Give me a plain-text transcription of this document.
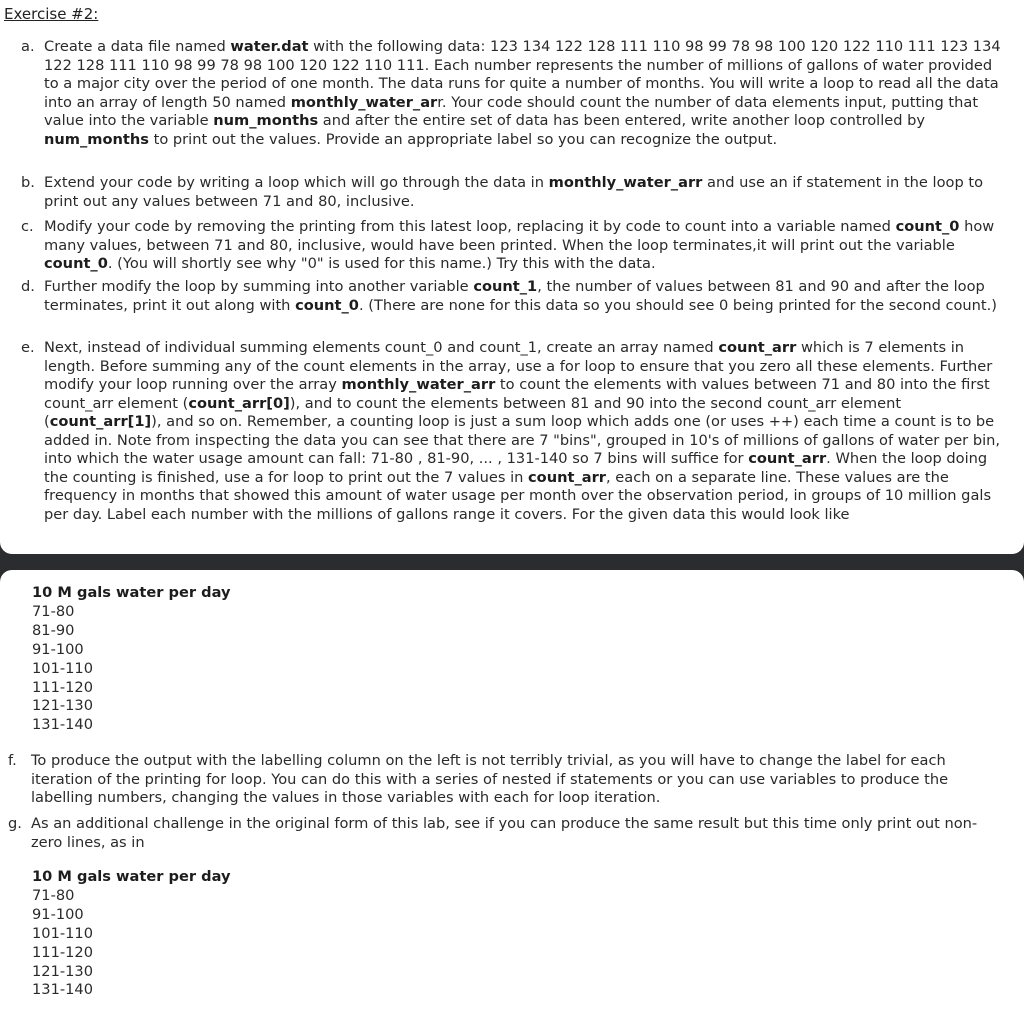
Exercise #2:

a. Create a data file named water.dat with the following data: 123 134 122 128 111 110 98 99 78 98 100 120 122 110 111 123 134 122 128 111 110 98 99 78 98 100 120 122 110 111. Each number represents the number of millions of gallons of water provided to a major city over the period of one month. The data runs for quite a number of months. You will write a loop to read all the data into an array of length 50 named monthly_water_arr. Your code should count the number of data elements input, putting that value into the variable num_months and after the entire set of data has been entered, write another loop controlled by num_months to print out the values. Provide an appropriate label so you can recognize the output.

b. Extend your code by writing a loop which will go through the data in monthly_water_arr and use an if statement in the loop to print out any values between 71 and 80, inclusive.

c. Modify your code by removing the printing from this latest loop, replacing it by code to count into a variable named count_0 how many values, between 71 and 80, inclusive, would have been printed. When the loop terminates,it will print out the variable count_0. (You will shortly see why "0" is used for this name.) Try this with the data.

d. Further modify the loop by summing into another variable count_1, the number of values between 81 and 90 and after the loop terminates, print it out along with count_0. (There are none for this data so you should see 0 being printed for the second count.)

e. Next, instead of individual summing elements count_0 and count_1, create an array named count_arr which is 7 elements in length. Before summing any of the count elements in the array, use a for loop to ensure that you zero all these elements. Further modify your loop running over the array monthly_water_arr to count the elements with values between 71 and 80 into the first count_arr element (count_arr[0]), and to count the elements between 81 and 90 into the second count_arr element (count_arr[1]), and so on. Remember, a counting loop is just a sum loop which adds one (or uses ++) each time a count is to be added in. Note from inspecting the data you can see that there are 7 "bins", grouped in 10's of millions of gallons of water per bin, into which the water usage amount can fall: 71-80 , 81-90, ... , 131-140 so 7 bins will suffice for count_arr. When the loop doing the counting is finished, use a for loop to print out the 7 values in count_arr, each on a separate line. These values are the frequency in months that showed this amount of water usage per month over the observation period, in groups of 10 million gals per day. Label each number with the millions of gallons range it covers. For the given data this would look like

10 M gals water per day
71-80
81-90
91-100
101-110
111-120
121-130
131-140

f. To produce the output with the labelling column on the left is not terribly trivial, as you will have to change the label for each iteration of the printing for loop. You can do this with a series of nested if statements or you can use variables to produce the labelling numbers, changing the values in those variables with each for loop iteration.

g. As an additional challenge in the original form of this lab, see if you can produce the same result but this time only print out non-zero lines, as in

10 M gals water per day
71-80
91-100
101-110
111-120
121-130
131-140
